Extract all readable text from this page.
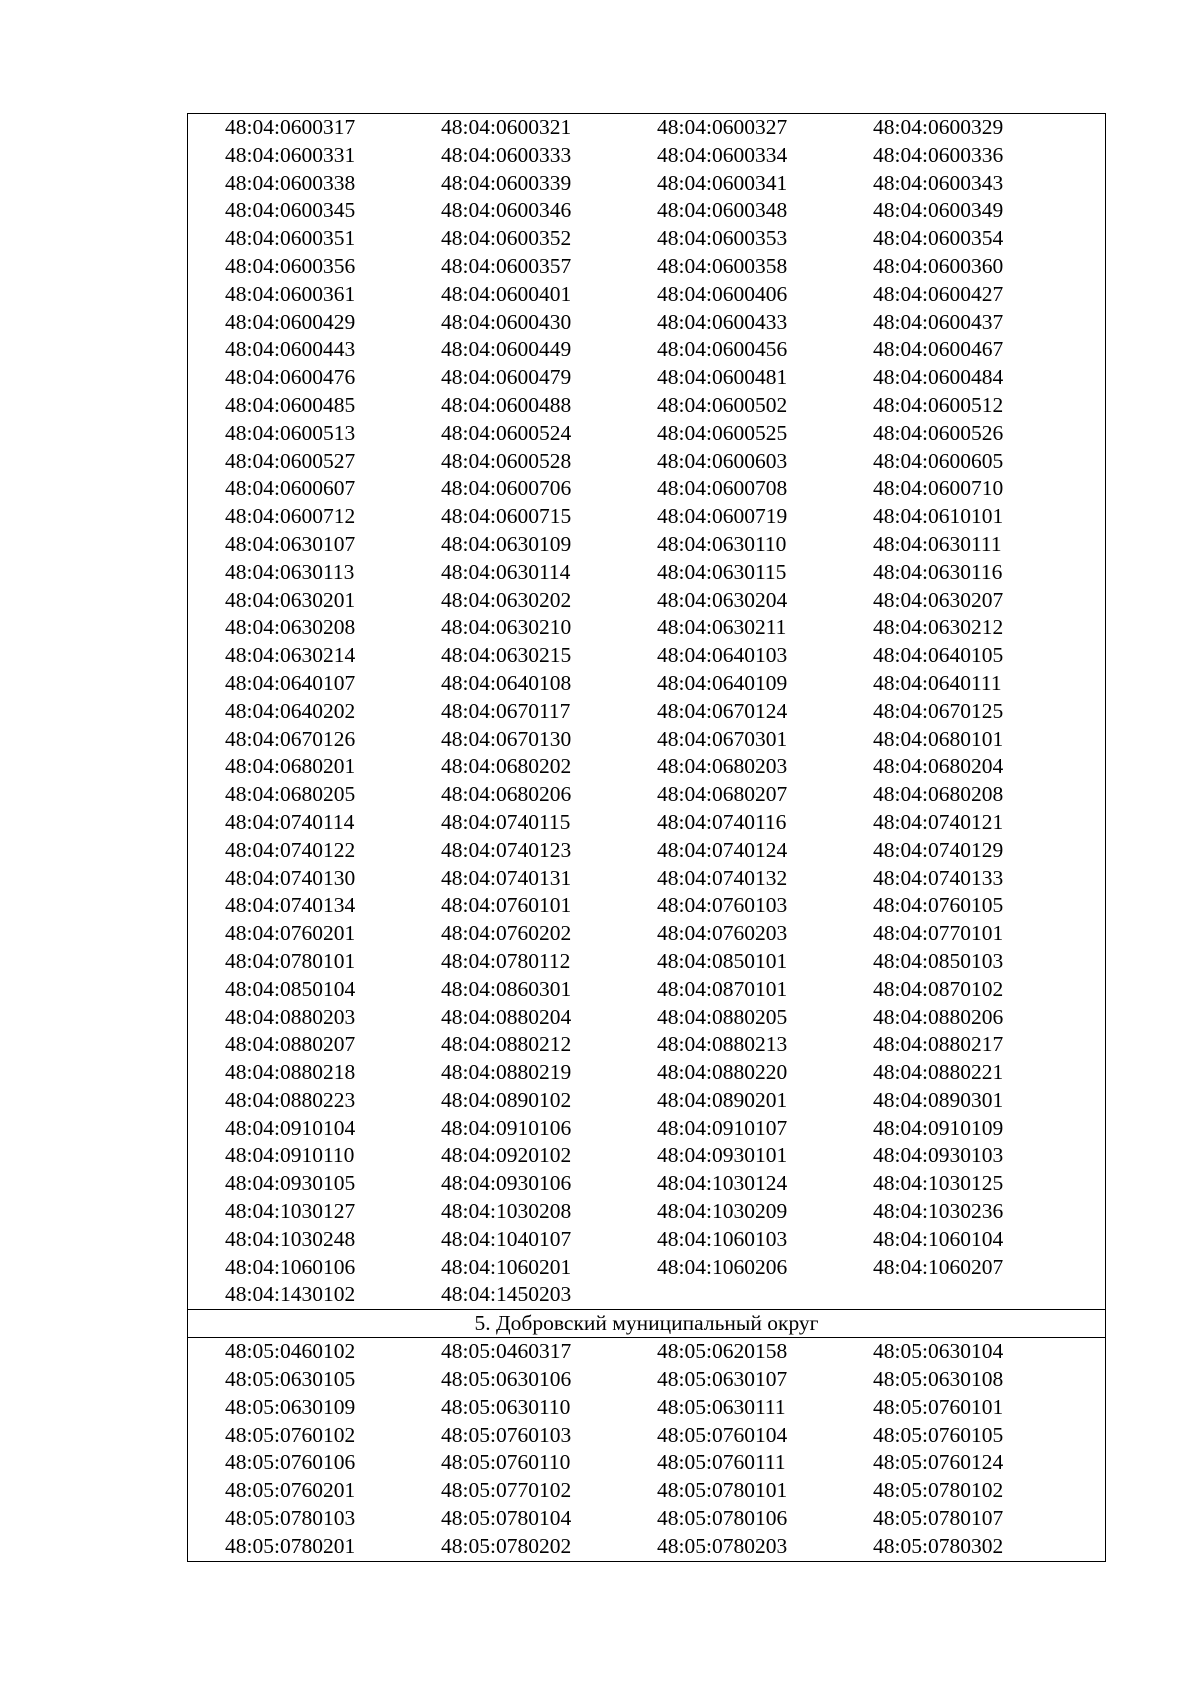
48:04:0600317	48:04:0600321	48:04:0600327	48:04:0600329
48:04:0600331	48:04:0600333	48:04:0600334	48:04:0600336
48:04:0600338	48:04:0600339	48:04:0600341	48:04:0600343
48:04:0600345	48:04:0600346	48:04:0600348	48:04:0600349
48:04:0600351	48:04:0600352	48:04:0600353	48:04:0600354
48:04:0600356	48:04:0600357	48:04:0600358	48:04:0600360
48:04:0600361	48:04:0600401	48:04:0600406	48:04:0600427
48:04:0600429	48:04:0600430	48:04:0600433	48:04:0600437
48:04:0600443	48:04:0600449	48:04:0600456	48:04:0600467
48:04:0600476	48:04:0600479	48:04:0600481	48:04:0600484
48:04:0600485	48:04:0600488	48:04:0600502	48:04:0600512
48:04:0600513	48:04:0600524	48:04:0600525	48:04:0600526
48:04:0600527	48:04:0600528	48:04:0600603	48:04:0600605
48:04:0600607	48:04:0600706	48:04:0600708	48:04:0600710
48:04:0600712	48:04:0600715	48:04:0600719	48:04:0610101
48:04:0630107	48:04:0630109	48:04:0630110	48:04:0630111
48:04:0630113	48:04:0630114	48:04:0630115	48:04:0630116
48:04:0630201	48:04:0630202	48:04:0630204	48:04:0630207
48:04:0630208	48:04:0630210	48:04:0630211	48:04:0630212
48:04:0630214	48:04:0630215	48:04:0640103	48:04:0640105
48:04:0640107	48:04:0640108	48:04:0640109	48:04:0640111
48:04:0640202	48:04:0670117	48:04:0670124	48:04:0670125
48:04:0670126	48:04:0670130	48:04:0670301	48:04:0680101
48:04:0680201	48:04:0680202	48:04:0680203	48:04:0680204
48:04:0680205	48:04:0680206	48:04:0680207	48:04:0680208
48:04:0740114	48:04:0740115	48:04:0740116	48:04:0740121
48:04:0740122	48:04:0740123	48:04:0740124	48:04:0740129
48:04:0740130	48:04:0740131	48:04:0740132	48:04:0740133
48:04:0740134	48:04:0760101	48:04:0760103	48:04:0760105
48:04:0760201	48:04:0760202	48:04:0760203	48:04:0770101
48:04:0780101	48:04:0780112	48:04:0850101	48:04:0850103
48:04:0850104	48:04:0860301	48:04:0870101	48:04:0870102
48:04:0880203	48:04:0880204	48:04:0880205	48:04:0880206
48:04:0880207	48:04:0880212	48:04:0880213	48:04:0880217
48:04:0880218	48:04:0880219	48:04:0880220	48:04:0880221
48:04:0880223	48:04:0890102	48:04:0890201	48:04:0890301
48:04:0910104	48:04:0910106	48:04:0910107	48:04:0910109
48:04:0910110	48:04:0920102	48:04:0930101	48:04:0930103
48:04:0930105	48:04:0930106	48:04:1030124	48:04:1030125
48:04:1030127	48:04:1030208	48:04:1030209	48:04:1030236
48:04:1030248	48:04:1040107	48:04:1060103	48:04:1060104
48:04:1060106	48:04:1060201	48:04:1060206	48:04:1060207
48:04:1430102	48:04:1450203
5. Добровский муниципальный округ
48:05:0460102	48:05:0460317	48:05:0620158	48:05:0630104
48:05:0630105	48:05:0630106	48:05:0630107	48:05:0630108
48:05:0630109	48:05:0630110	48:05:0630111	48:05:0760101
48:05:0760102	48:05:0760103	48:05:0760104	48:05:0760105
48:05:0760106	48:05:0760110	48:05:0760111	48:05:0760124
48:05:0760201	48:05:0770102	48:05:0780101	48:05:0780102
48:05:0780103	48:05:0780104	48:05:0780106	48:05:0780107
48:05:0780201	48:05:0780202	48:05:0780203	48:05:0780302
